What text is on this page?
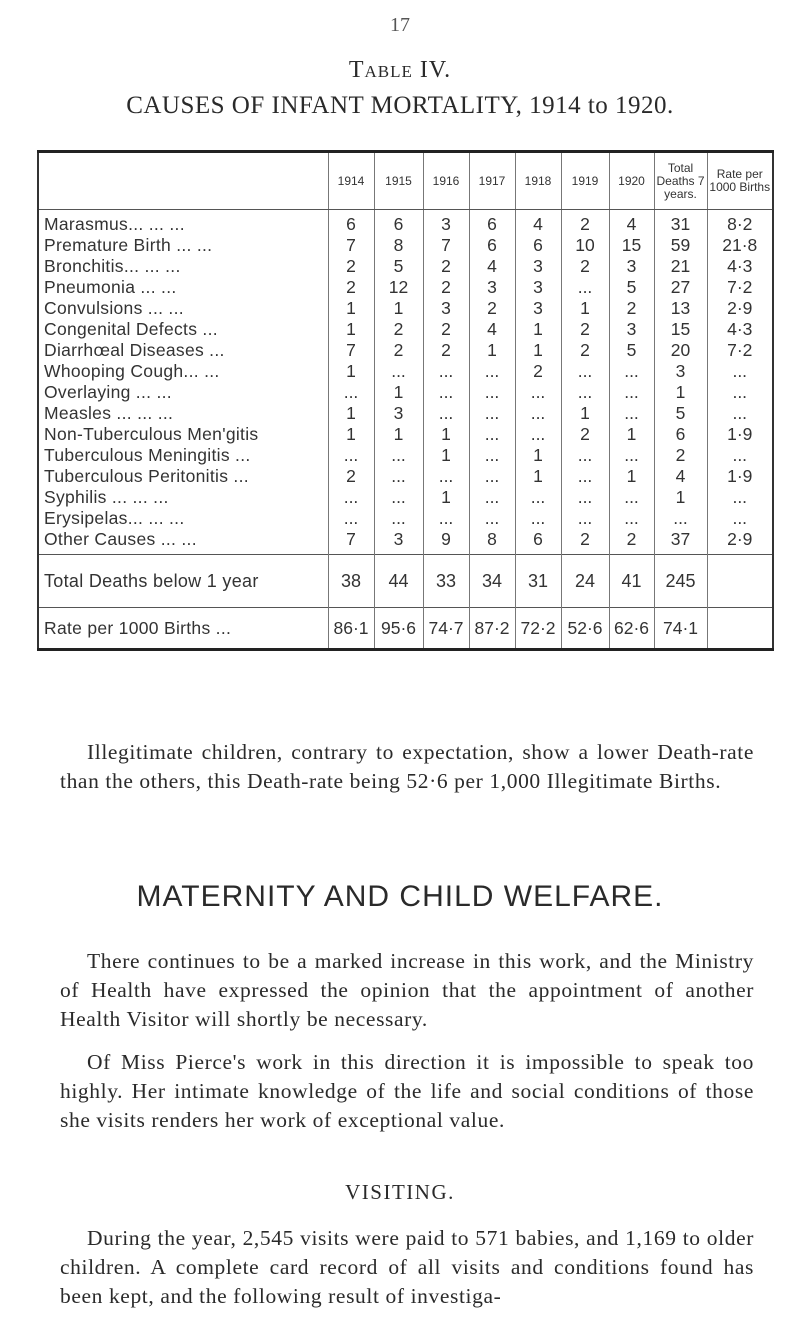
17
Table IV.
CAUSES OF INFANT MORTALITY, 1914 to 1920.
	1914	1915	1916	1917	1918	1919	1920	Total Deaths 7 years.	Rate per 1000 Births
Marasmus... ... ...	6	6	3	6	4	2	4	31	8·2
Premature Birth ... ...	7	8	7	6	6	10	15	59	21·8
Bronchitis... ... ...	2	5	2	4	3	2	3	21	4·3
Pneumonia ... ...	2	12	2	3	3	...	5	27	7·2
Convulsions ... ...	1	1	3	2	3	1	2	13	2·9
Congenital Defects ...	1	2	2	4	1	2	3	15	4·3
Diarrhœal Diseases ...	7	2	2	1	1	2	5	20	7·2
Whooping Cough... ...	1	...	...	...	2	...	...	3	...
Overlaying ... ...	...	1	...	...	...	...	...	1	...
Measles ... ... ...	1	3	...	...	...	1	...	5	...
Non-Tuberculous Men'gitis	1	1	1	...	...	2	1	6	1·9
Tuberculous Meningitis ...	...	...	1	...	1	...	...	2	...
Tuberculous Peritonitis ...	2	...	...	...	1	...	1	4	1·9
Syphilis ... ... ...	...	...	1	...	...	...	...	1	...
Erysipelas... ... ...	...	...	...	...	...	...	...	...	...
Other Causes ... ...	7	3	9	8	6	2	2	37	2·9
Total Deaths below 1 year	38	44	33	34	31	24	41	245	
Rate per 1000 Births ...	86·1	95·6	74·7	87·2	72·2	52·6	62·6	74·1	
Illegitimate children, contrary to expectation, show a lower Death-rate than the others, this Death-rate being 52·6 per 1,000 Illegitimate Births.
MATERNITY AND CHILD WELFARE.
There continues to be a marked increase in this work, and the Ministry of Health have expressed the opinion that the appointment of another Health Visitor will shortly be necessary.
Of Miss Pierce's work in this direction it is impossible to speak too highly. Her intimate knowledge of the life and social conditions of those she visits renders her work of exceptional value.
VISITING.
During the year, 2,545 visits were paid to 571 babies, and 1,169 to older children. A complete card record of all visits and conditions found has been kept, and the following result of investiga-
